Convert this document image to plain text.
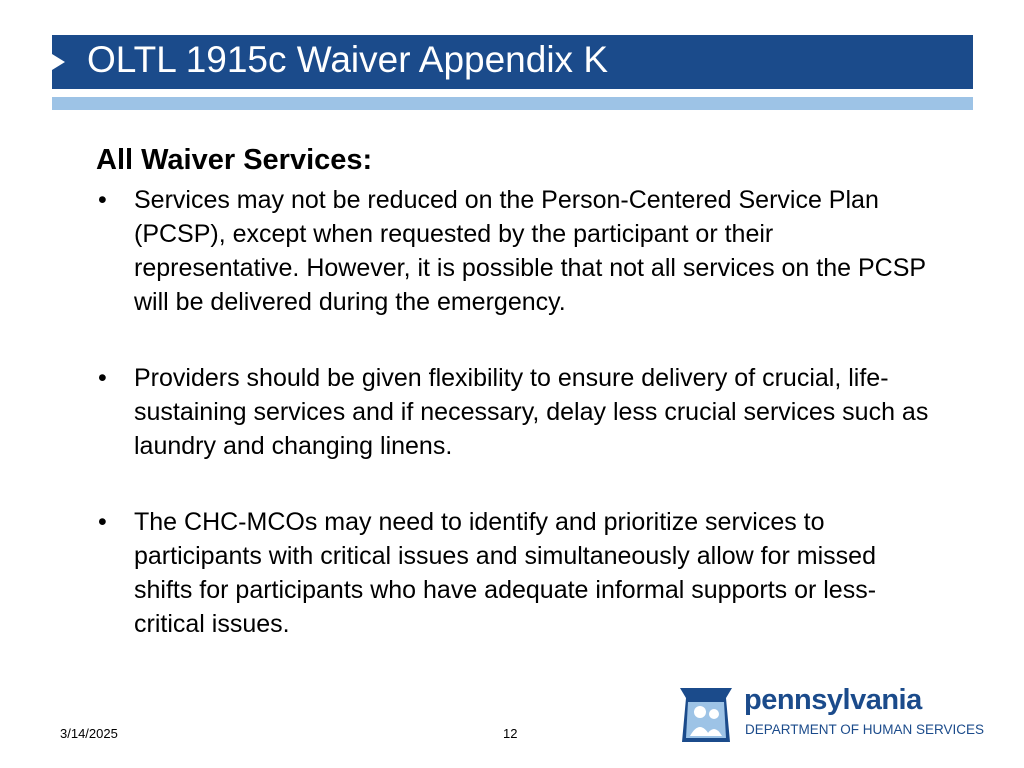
OLTL 1915c Waiver Appendix K
All Waiver Services:
• Services may not be reduced on the Person-Centered Service Plan (PCSP), except when requested by the participant or their representative. However, it is possible that not all services on the PCSP will be delivered during the emergency.
• Providers should be given flexibility to ensure delivery of crucial, life-sustaining services and if necessary, delay less crucial services such as laundry and changing linens.
• The CHC-MCOs may need to identify and prioritize services to participants with critical issues and simultaneously allow for missed shifts for participants who have adequate informal supports or less-critical issues.
3/14/2025	12
pennsylvania
DEPARTMENT OF HUMAN SERVICES
